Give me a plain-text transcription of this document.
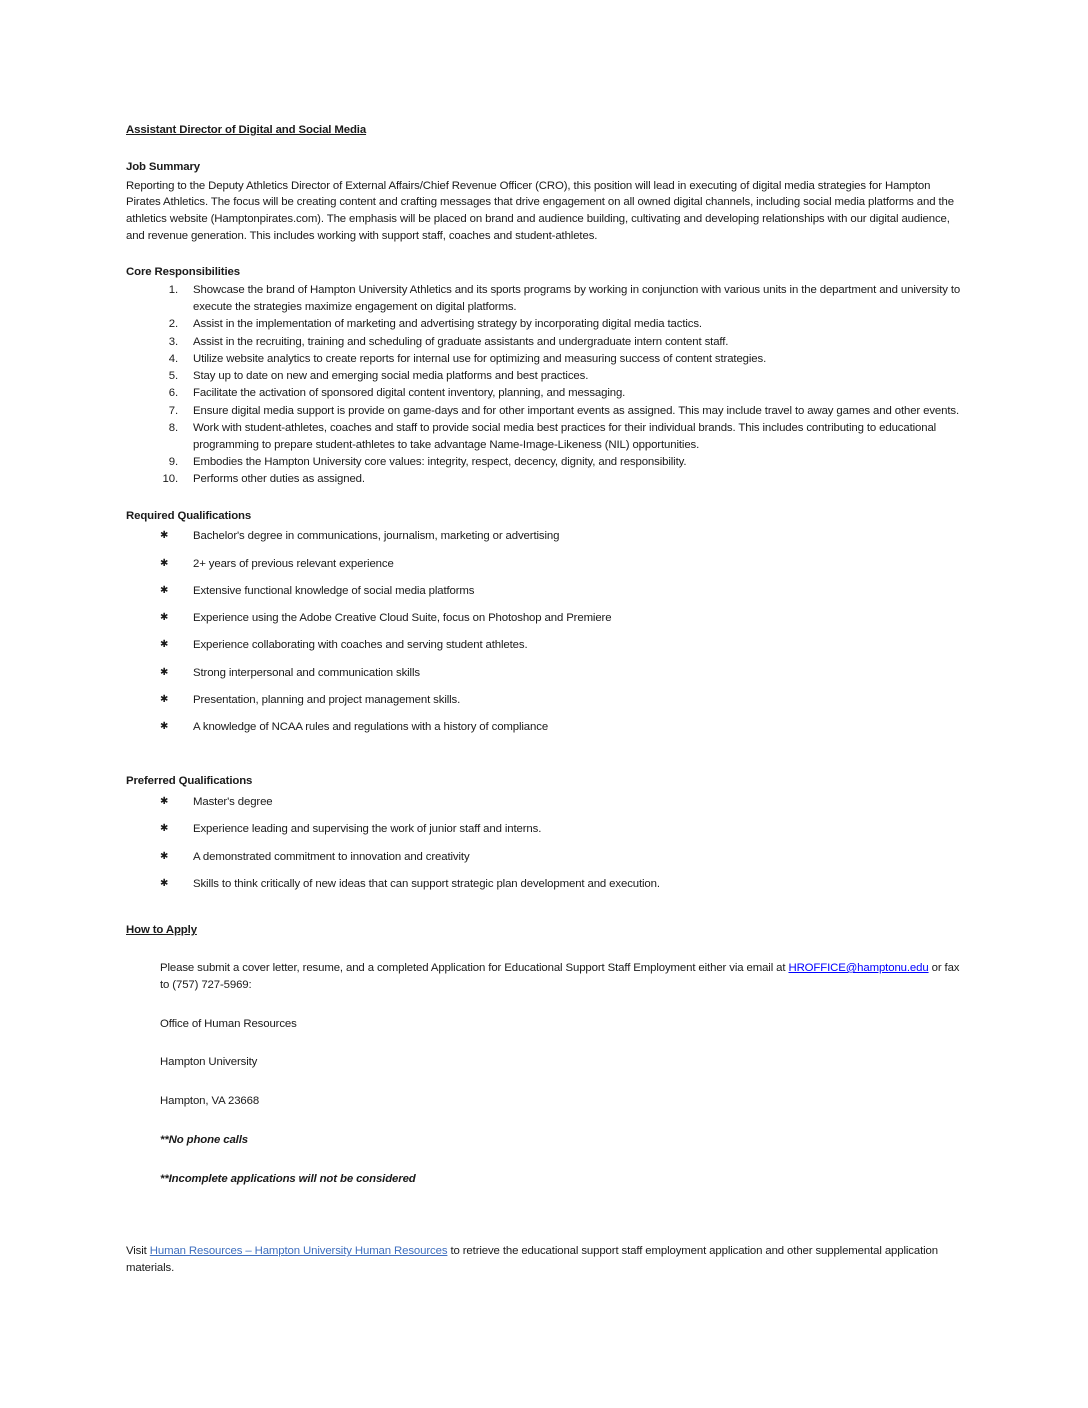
Assistant Director of Digital and Social Media
Job Summary

Reporting to the Deputy Athletics Director of External Affairs/Chief Revenue Officer (CRO), this position will lead in executing of digital media strategies for Hampton Pirates Athletics. The focus will be creating content and crafting messages that drive engagement on all owned digital channels, including social media platforms and the athletics website (Hamptonpirates.com). The emphasis will be placed on brand and audience building, cultivating and developing relationships with our digital audience, and revenue generation. This includes working with support staff, coaches and student-athletes.

Core Responsibilities
1.	Showcase the brand of Hampton University Athletics and its sports programs by working in conjunction with various units in the department and university to execute the strategies maximize engagement on digital platforms.
2.	Assist in the implementation of marketing and advertising strategy by incorporating digital media tactics.
3.	Assist in the recruiting, training and scheduling of graduate assistants and undergraduate intern content staff.
4.	Utilize website analytics to create reports for internal use for optimizing and measuring success of content strategies.
5.	Stay up to date on new and emerging social media platforms and best practices.
6.	Facilitate the activation of sponsored digital content inventory, planning, and messaging.
7.	Ensure digital media support is provide on game-days and for other important events as assigned. This may include travel to away games and other events.
8.	Work with student-athletes, coaches and staff to provide social media best practices for their individual brands. This includes contributing to educational programming to prepare student-athletes to take advantage Name-Image-Likeness (NIL) opportunities.
9.	Embodies the Hampton University core values: integrity, respect, decency, dignity, and responsibility.
10.	Performs other duties as assigned.
Required Qualifications
✱ Bachelor's degree in communications, journalism, marketing or advertising
✱ 2+ years of previous relevant experience
✱ Extensive functional knowledge of social media platforms
✱ Experience using the Adobe Creative Cloud Suite, focus on Photoshop and Premiere
✱ Experience collaborating with coaches and serving student athletes.
✱ Strong interpersonal and communication skills
✱ Presentation, planning and project management skills.
✱ A knowledge of NCAA rules and regulations with a history of compliance
Preferred Qualifications
✱ Master's degree
✱ Experience leading and supervising the work of junior staff and interns.
✱ A demonstrated commitment to innovation and creativity
✱ Skills to think critically of new ideas that can support strategic plan development and execution.
How to Apply

Please submit a cover letter, resume, and a completed Application for Educational Support Staff Employment either via email at HROFFICE@hamptonu.edu or fax to (757) 727-5969:

Office of Human Resources

Hampton University

Hampton, VA 23668

**No phone calls

**Incomplete applications will not be considered

Visit Human Resources – Hampton University Human Resources to retrieve the educational support staff employment application and other supplemental application materials.
